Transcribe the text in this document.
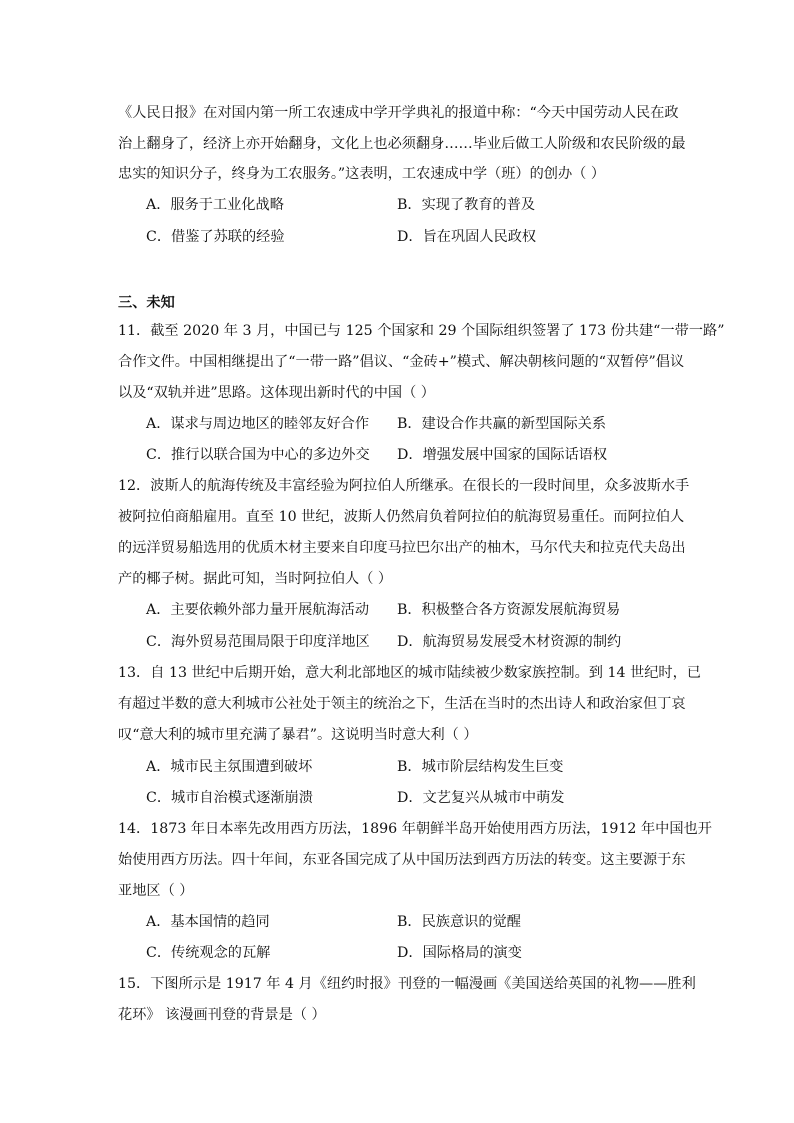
《人民日报》在对国内第一所工农速成中学开学典礼的报道中称：“今天中国劳动人民在政
治上翻身了，经济上亦开始翻身，文化上也必须翻身……毕业后做工人阶级和农民阶级的最
忠实的知识分子，终身为工农服务。”这表明，工农速成中学（班）的创办（ ）
A．服务于工业化战略	B．实现了教育的普及
C．借鉴了苏联的经验	D．旨在巩固人民政权
三、未知
11．截至 2020 年 3 月，中国已与 125 个国家和 29 个国际组织签署了 173 份共建“一带一路”
合作文件。中国相继提出了“一带一路”倡议、“金砖+”模式、解决朝核问题的“双暂停”倡议
以及“双轨并进”思路。这体现出新时代的中国（ ）
A．谋求与周边地区的睦邻友好合作 B．建设合作共赢的新型国际关系
C．推行以联合国为中心的多边外交 D．增强发展中国家的国际话语权
12．波斯人的航海传统及丰富经验为阿拉伯人所继承。在很长的一段时间里，众多波斯水手
被阿拉伯商船雇用。直至 10 世纪，波斯人仍然肩负着阿拉伯的航海贸易重任。而阿拉伯人
的远洋贸易船选用的优质木材主要来自印度马拉巴尔出产的柚木，马尔代夫和拉克代夫岛出
产的椰子树。据此可知，当时阿拉伯人（ ）
A．主要依赖外部力量开展航海活动 B．积极整合各方资源发展航海贸易
C．海外贸易范围局限于印度洋地区 D．航海贸易发展受木材资源的制约
13．自 13 世纪中后期开始，意大利北部地区的城市陆续被少数家族控制。到 14 世纪时，已
有超过半数的意大利城市公社处于领主的统治之下，生活在当时的杰出诗人和政治家但丁哀
叹“意大利的城市里充满了暴君”。这说明当时意大利（ ）
A．城市民主氛围遭到破坏	B．城市阶层结构发生巨变
C．城市自治模式逐渐崩溃	D．文艺复兴从城市中萌发
14．1873 年日本率先改用西方历法，1896 年朝鲜半岛开始使用西方历法，1912 年中国也开
始使用西方历法。四十年间，东亚各国完成了从中国历法到西方历法的转变。这主要源于东
亚地区（ ）
A．基本国情的趋同	B．民族意识的觉醒
C．传统观念的瓦解	D．国际格局的演变
15．下图所示是 1917 年 4 月《纽约时报》刊登的一幅漫画《美国送给英国的礼物——胜利
花环》 该漫画刊登的背景是（ ）
